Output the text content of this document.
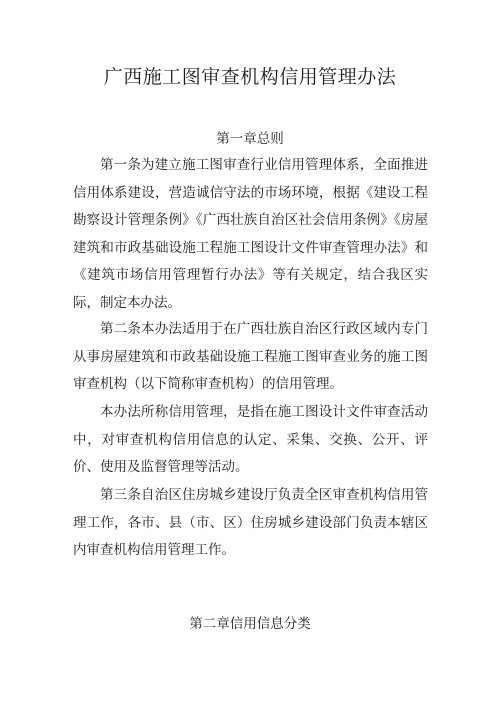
广西施工图审查机构信用管理办法
第一章总则

第一条为建立施工图审查行业信用管理体系，全面推进信用体系建设，营造诚信守法的市场环境，根据《建设工程勘察设计管理条例》《广西壮族自治区社会信用条例》《房屋建筑和市政基础设施工程施工图设计文件审查管理办法》和《建筑市场信用管理暂行办法》等有关规定，结合我区实际，制定本办法。

第二条本办法适用于在广西壮族自治区行政区域内专门从事房屋建筑和市政基础设施工程施工图审查业务的施工图审查机构（以下简称审查机构）的信用管理。

本办法所称信用管理，是指在施工图设计文件审查活动中，对审查机构信用信息的认定、采集、交换、公开、评价、使用及监督管理等活动。

第三条自治区住房城乡建设厅负责全区审查机构信用管理工作，各市、县（市、区）住房城乡建设部门负责本辖区内审查机构信用管理工作。

第二章信用信息分类
